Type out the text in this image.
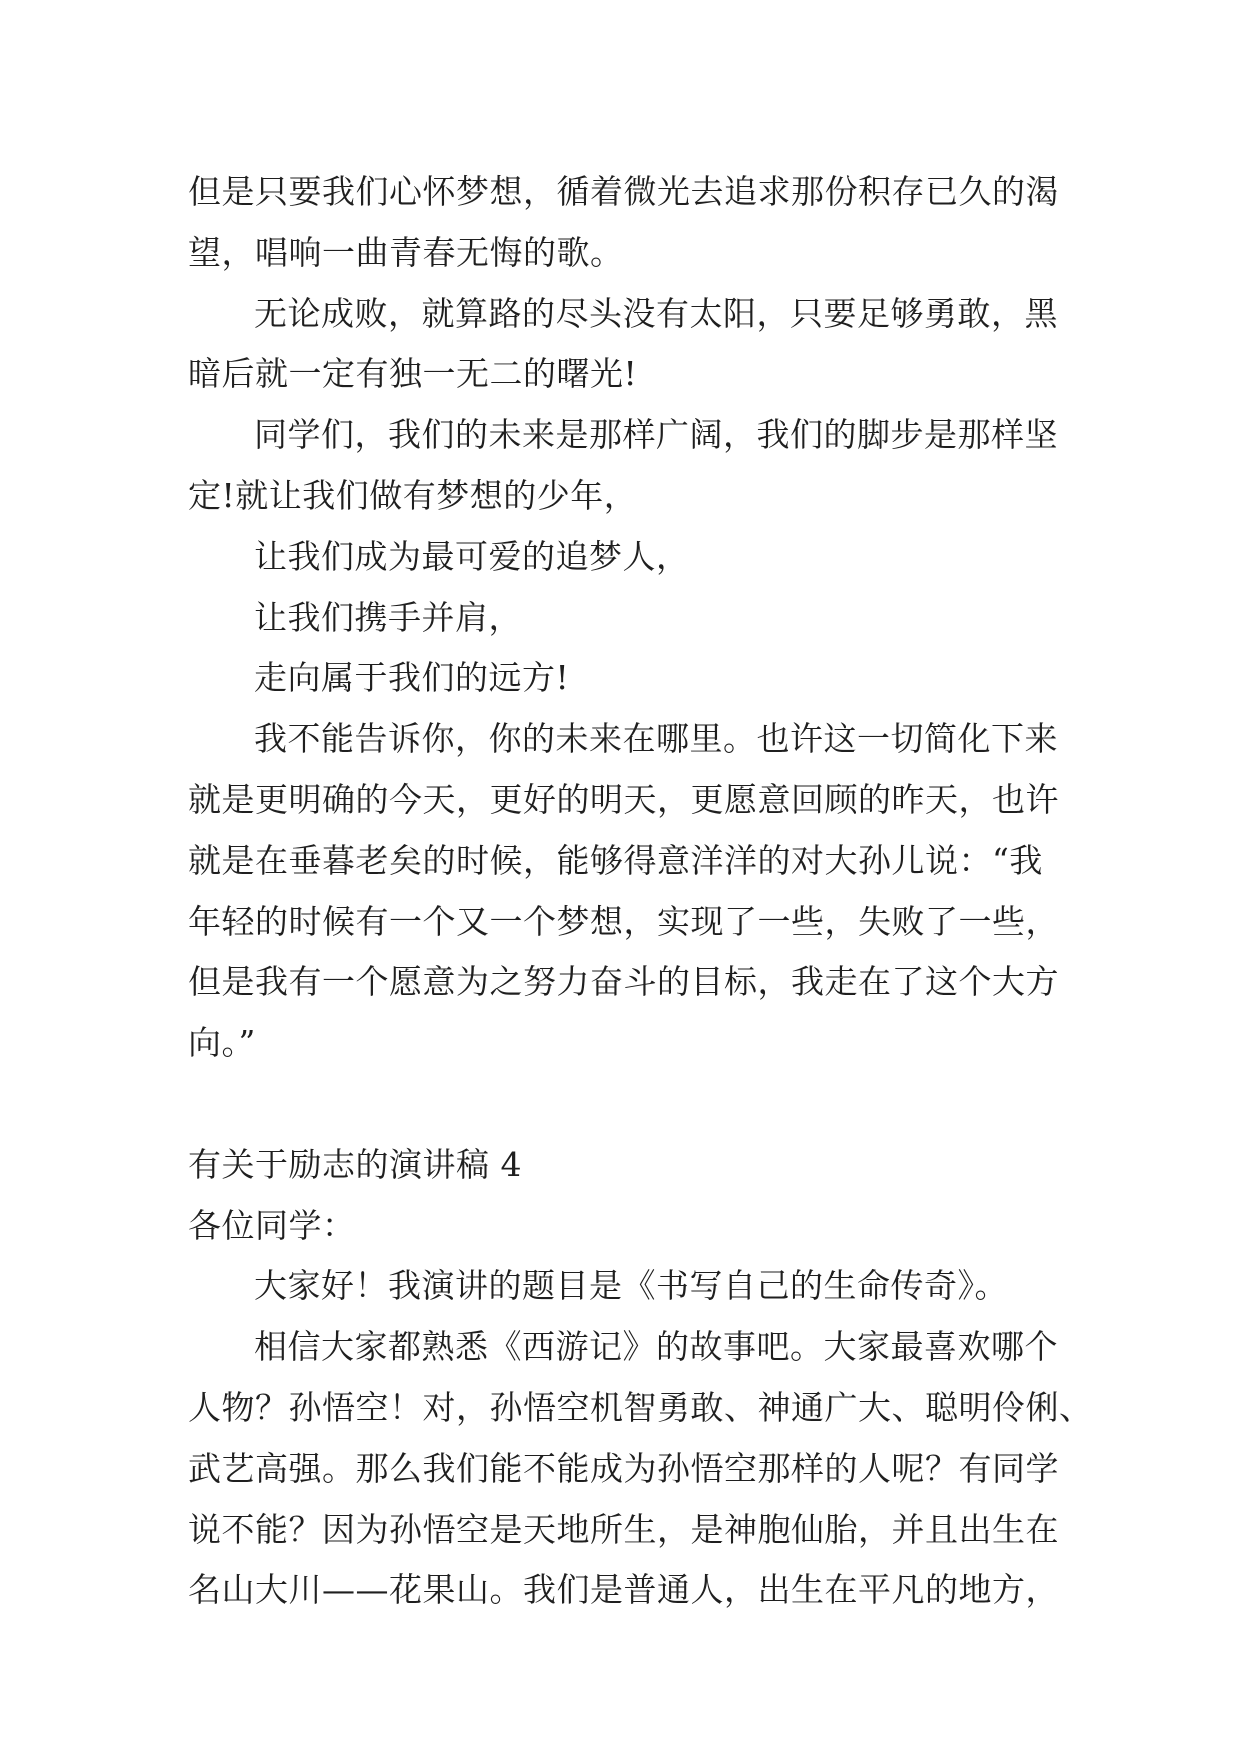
但是只要我们心怀梦想，循着微光去追求那份积存已久的渴
望，唱响一曲青春无悔的歌。
无论成败，就算路的尽头没有太阳，只要足够勇敢，黑
暗后就一定有独一无二的曙光!
同学们，我们的未来是那样广阔，我们的脚步是那样坚
定!就让我们做有梦想的少年，
让我们成为最可爱的追梦人，
让我们携手并肩，
走向属于我们的远方!
我不能告诉你，你的未来在哪里。也许这一切简化下来
就是更明确的今天，更好的明天，更愿意回顾的昨天，也许
就是在垂暮老矣的时候，能够得意洋洋的对大孙儿说：“我
年轻的时候有一个又一个梦想，实现了一些，失败了一些，
但是我有一个愿意为之努力奋斗的目标，我走在了这个大方
向。”
有关于励志的演讲稿 4
各位同学：
大家好！我演讲的题目是《书写自己的生命传奇》。
相信大家都熟悉《西游记》的故事吧。大家最喜欢哪个
人物？孙悟空！对，孙悟空机智勇敢、神通广大、聪明伶俐、
武艺高强。那么我们能不能成为孙悟空那样的人呢？有同学
说不能？因为孙悟空是天地所生，是神胞仙胎，并且出生在
名山大川——花果山。我们是普通人，出生在平凡的地方，
